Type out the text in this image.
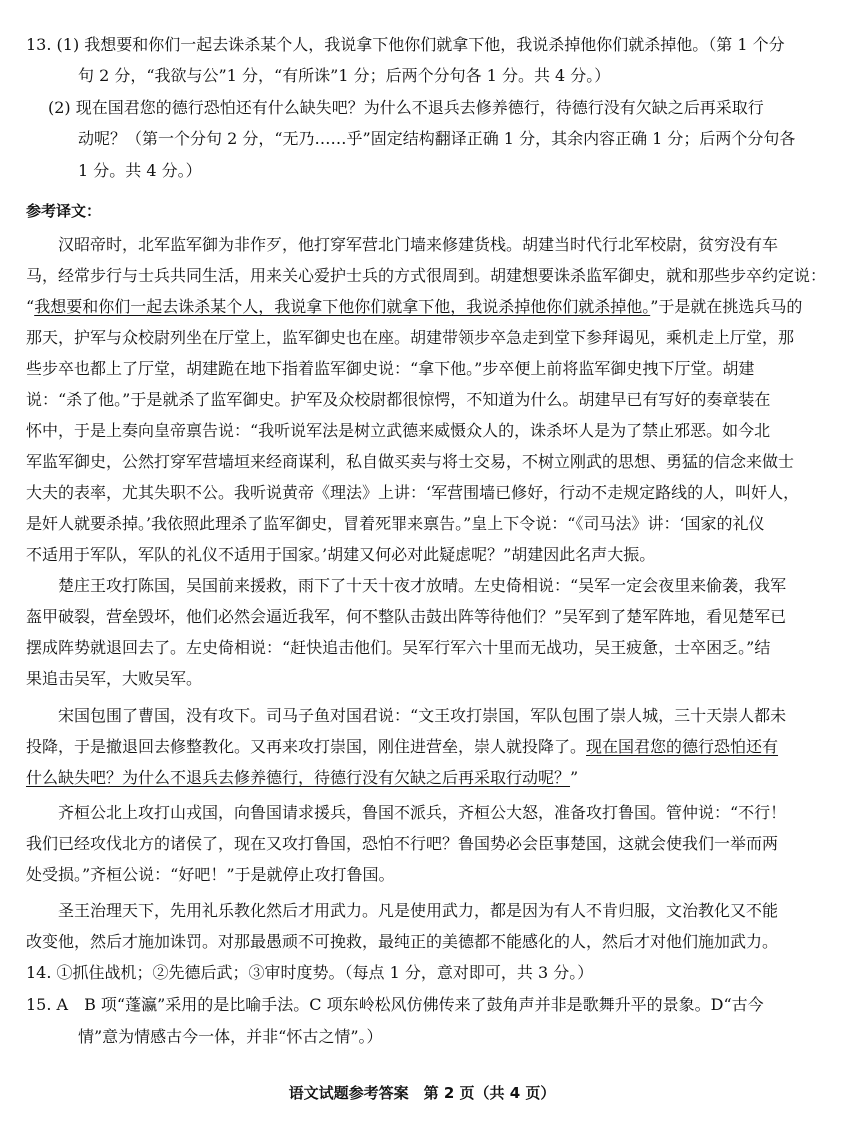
13. (1) 我想要和你们一起去诛杀某个人，我说拿下他你们就拿下他，我说杀掉他你们就杀掉他。（第 1 个分
句 2 分，“我欲与公”1 分，“有所诛”1 分；后两个分句各 1 分。共 4 分。）
(2) 现在国君您的德行恐怕还有什么缺失吧？为什么不退兵去修养德行，待德行没有欠缺之后再采取行
动呢？（第一个分句 2 分，“无乃……乎”固定结构翻译正确 1 分，其余内容正确 1 分；后两个分句各
1 分。共 4 分。）
参考译文：
汉昭帝时，北军监军御为非作歹，他打穿军营北门墙来修建货栈。胡建当时代行北军校尉，贫穷没有车
马，经常步行与士兵共同生活，用来关心爱护士兵的方式很周到。胡建想要诛杀监军御史，就和那些步卒约定说：
“我想要和你们一起去诛杀某个人，我说拿下他你们就拿下他，我说杀掉他你们就杀掉他。”于是就在挑选兵马的
那天，护军与众校尉列坐在厅堂上，监军御史也在座。胡建带领步卒急走到堂下参拜谒见，乘机走上厅堂，那
些步卒也都上了厅堂，胡建跪在地下指着监军御史说：“拿下他。”步卒便上前将监军御史拽下厅堂。胡建
说：“杀了他。”于是就杀了监军御史。护军及众校尉都很惊愕，不知道为什么。胡建早已有写好的奏章装在
怀中，于是上奏向皇帝禀告说：“我听说军法是树立武德来威慑众人的，诛杀坏人是为了禁止邪恶。如今北
军监军御史，公然打穿军营墙垣来经商谋利，私自做买卖与将士交易，不树立刚武的思想、勇猛的信念来做士
大夫的表率，尤其失职不公。我听说黄帝《理法》上讲：‘军营围墙已修好，行动不走规定路线的人，叫奸人，
是奸人就要杀掉。’我依照此理杀了监军御史，冒着死罪来禀告。”皇上下令说：“《司马法》讲：‘国家的礼仪
不适用于军队，军队的礼仪不适用于国家。’胡建又何必对此疑虑呢？”胡建因此名声大振。
楚庄王攻打陈国，吴国前来援救，雨下了十天十夜才放晴。左史倚相说：“吴军一定会夜里来偷袭，我军
盔甲破裂，营垒毁坏，他们必然会逼近我军，何不整队击鼓出阵等待他们？”吴军到了楚军阵地，看见楚军已
摆成阵势就退回去了。左史倚相说：“赶快追击他们。吴军行军六十里而无战功，吴王疲惫，士卒困乏。”结
果追击吴军，大败吴军。
宋国包围了曹国，没有攻下。司马子鱼对国君说：“文王攻打崇国，军队包围了崇人城，三十天崇人都未
投降，于是撤退回去修整教化。又再来攻打崇国，刚住进营垒，崇人就投降了。现在国君您的德行恐怕还有
什么缺失吧？为什么不退兵去修养德行，待德行没有欠缺之后再采取行动呢？”
齐桓公北上攻打山戎国，向鲁国请求援兵，鲁国不派兵，齐桓公大怒，准备攻打鲁国。管仲说：“不行！
我们已经攻伐北方的诸侯了，现在又攻打鲁国，恐怕不行吧？鲁国势必会臣事楚国，这就会使我们一举而两
处受损。”齐桓公说：“好吧！”于是就停止攻打鲁国。
圣王治理天下，先用礼乐教化然后才用武力。凡是使用武力，都是因为有人不肯归服，文治教化又不能
改变他，然后才施加诛罚。对那最愚顽不可挽救，最纯正的美德都不能感化的人，然后才对他们施加武力。
14. ①抓住战机；②先德后武；③审时度势。（每点 1 分，意对即可，共 3 分。）
15. A　B 项“蓬瀛”采用的是比喻手法。C 项东岭松风仿佛传来了鼓角声并非是歌舞升平的景象。D“古今
情”意为情感古今一体，并非“怀古之情”。）
语文试题参考答案　第 2 页（共 4 页）
